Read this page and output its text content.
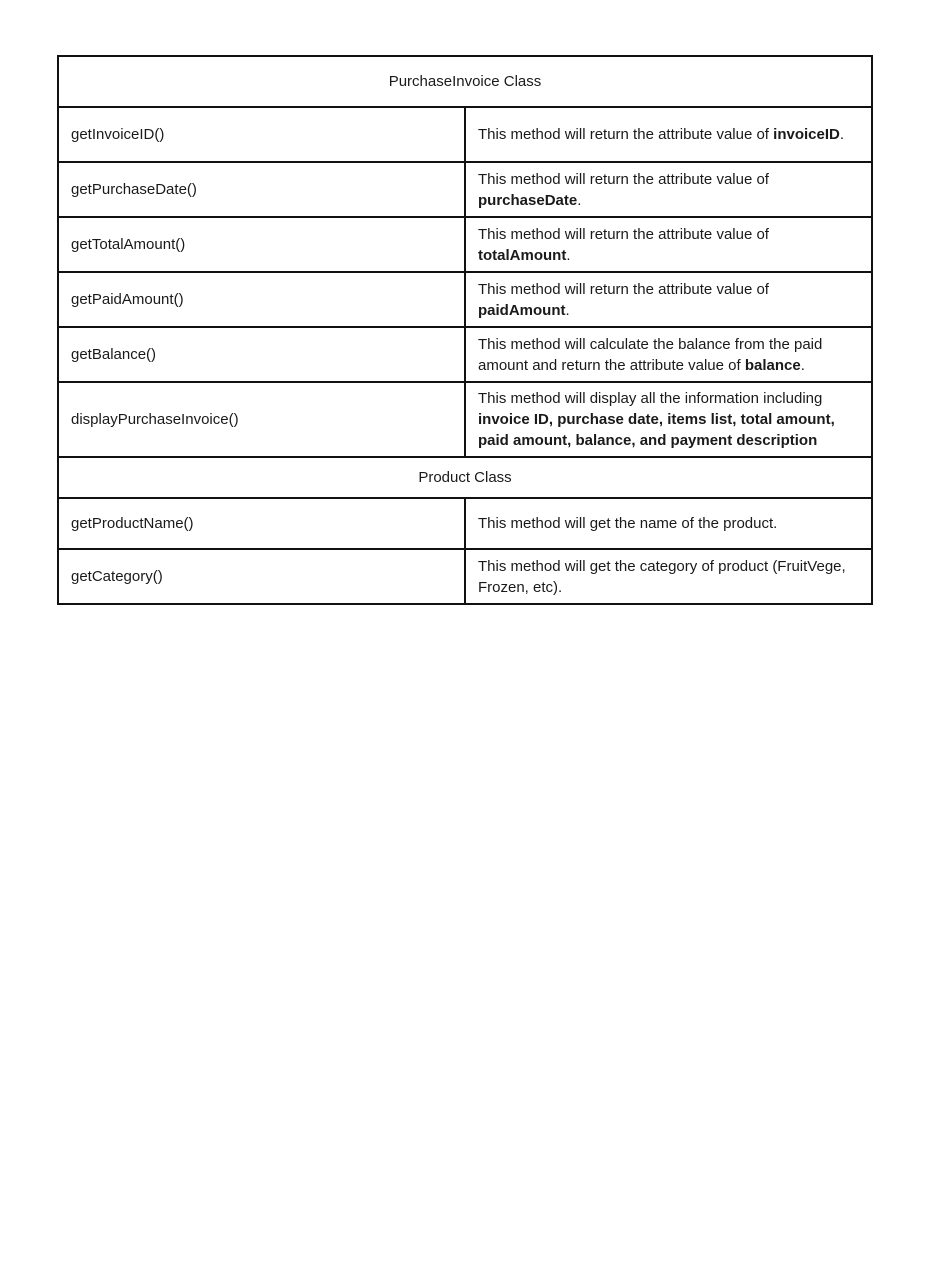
PurchaseInvoice Class	
getInvoiceID()	This method will return the attribute value of invoiceID.
getPurchaseDate()	This method will return the attribute value of purchaseDate.
getTotalAmount()	This method will return the attribute value of totalAmount.
getPaidAmount()	This method will return the attribute value of paidAmount.
getBalance()	This method will calculate the balance from the paid amount and return the attribute value of balance.
displayPurchaseInvoice()	This method will display all the information including invoice ID, purchase date, items list, total amount, paid amount, balance, and payment description
Product Class	
getProductName()	This method will get the name of the product.
getCategory()	This method will get the category of product (FruitVege, Frozen, etc).
